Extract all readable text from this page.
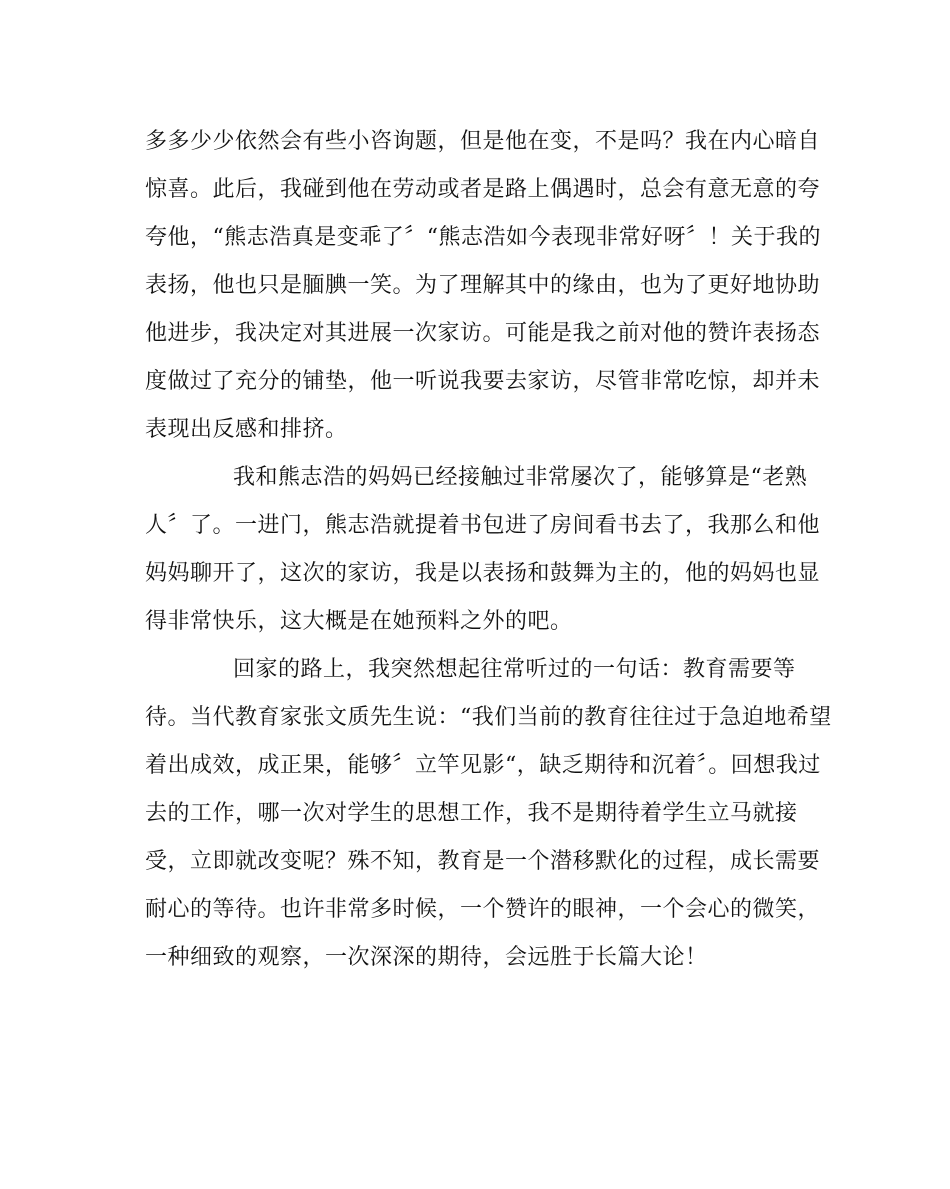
多多少少依然会有些小咨询题，但是他在变，不是吗？我在内心暗自
惊喜。此后，我碰到他在劳动或者是路上偶遇时，总会有意无意的夸
夸他，“熊志浩真是变乖了〞“熊志浩如今表现非常好呀〞！关于我的
表扬，他也只是腼腆一笑。为了理解其中的缘由，也为了更好地协助
他进步，我决定对其进展一次家访。可能是我之前对他的赞许表扬态
度做过了充分的铺垫，他一听说我要去家访，尽管非常吃惊，却并未
表现出反感和排挤。
我和熊志浩的妈妈已经接触过非常屡次了，能够算是“老熟
人〞了。一进门，熊志浩就提着书包进了房间看书去了，我那么和他
妈妈聊开了，这次的家访，我是以表扬和鼓舞为主的，他的妈妈也显
得非常快乐，这大概是在她预料之外的吧。
回家的路上，我突然想起往常听过的一句话：教育需要等
待。当代教育家张文质先生说：“我们当前的教育往往过于急迫地希望
着出成效，成正果，能够〞立竿见影“，缺乏期待和沉着〞。回想我过
去的工作，哪一次对学生的思想工作，我不是期待着学生立马就接
受，立即就改变呢？殊不知，教育是一个潜移默化的过程，成长需要
耐心的等待。也许非常多时候，一个赞许的眼神，一个会心的微笑，
一种细致的观察，一次深深的期待，会远胜于长篇大论！
